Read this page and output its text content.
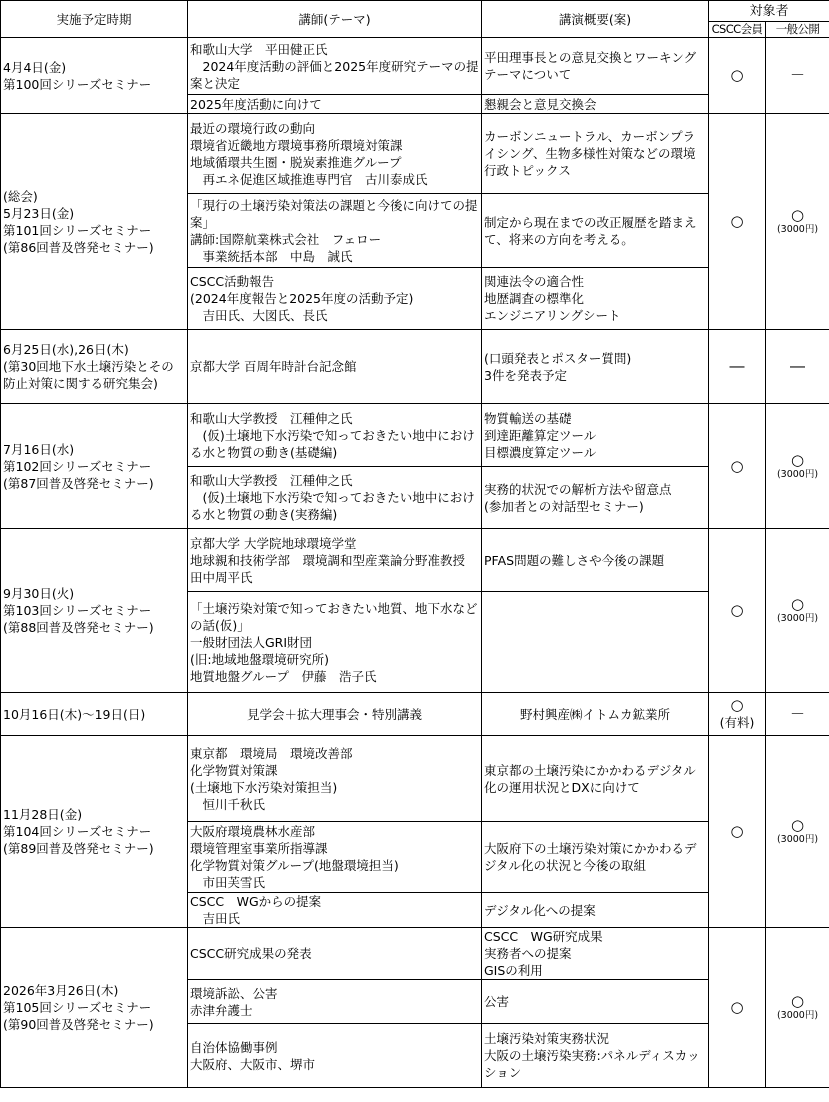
実施予定時期	講師(テーマ)	講演概要(案)	対象者	
			CSCC会員	一般公開

4月4日(金)
第100回シリーズセミナー	和歌山大学　平田健正氏
　2024年度活動の評価と2025年度研究テーマの提案と決定	平田理事長との意見交換とワーキングテーマについて	○	－

	2025年度活動に向けて	懇親会と意見交換会		

(総会)
5月23日(金)
第101回シリーズセミナー
(第86回普及啓発セミナー)	最近の環境行政の動向
環境省近畿地方環境事務所環境対策課
地域循環共生圏・脱炭素推進グループ
　再エネ促進区域推進専門官　古川泰成氏	カーボンニュートラル、カーボンプライシング、生物多様性対策などの環境行政トピックス	○	○
(3000円)

	「現行の土壌汚染対策法の課題と今後に向けての提案」
講師:国際航業株式会社　フェロー
　事業統括本部　中島　誠氏	制定から現在までの改正履歴を踏まえて、将来の方向を考える。		

	CSCC活動報告
(2024年度報告と2025年度の活動予定)
　吉田氏、大図氏、長氏	関連法令の適合性
地歴調査の標準化
エンジニアリングシート		

6月25日(水),26日(木)
(第30回地下水土壌汚染とその防止対策に関する研究集会)	京都大学 百周年時計台記念館	(口頭発表とポスター質問)
3件を発表予定	―	―

7月16日(水)
第102回シリーズセミナー
(第87回普及啓発セミナー)	和歌山大学教授　江種伸之氏
　(仮)土壌地下水汚染で知っておきたい地中における水と物質の動き(基礎編)	物質輸送の基礎
到達距離算定ツール
目標濃度算定ツール	○	○
(3000円)

	和歌山大学教授　江種伸之氏
　(仮)土壌地下水汚染で知っておきたい地中における水と物質の動き(実務編)	実務的状況での解析方法や留意点
(参加者との対話型セミナー)		

9月30日(火)
第103回シリーズセミナー
(第88回普及啓発セミナー)	京都大学 大学院地球環境学堂
地球親和技術学部　環境調和型産業論分野准教授　田中周平氏	PFAS問題の難しさや今後の課題	○	○
(3000円)

	「土壌汚染対策で知っておきたい地質、地下水などの話(仮)」
一般財団法人GRI財団
(旧:地域地盤環境研究所)
地質地盤グループ　伊藤　浩子氏			

10月16日(木)～19日(日)	見学会＋拡大理事会・特別講義	野村興産㈱イトムカ鉱業所	○
(有料)	－

11月28日(金)
第104回シリーズセミナー
(第89回普及啓発セミナー)	東京都　環境局　環境改善部
化学物質対策課
(土壌地下水汚染対策担当)
　恒川千秋氏	東京都の土壌汚染にかかわるデジタル化の運用状況とDXに向けて	○	○
(3000円)

	大阪府環境農林水産部
環境管理室事業所指導課
化学物質対策グループ(地盤環境担当)
　市田芙雪氏	大阪府下の土壌汚染対策にかかわるデジタル化の状況と今後の取組		

	CSCC　WGからの提案
　吉田氏	デジタル化への提案		

2026年3月26日(木)
第105回シリーズセミナー
(第90回普及啓発セミナー)	CSCC研究成果の発表	CSCC　WG研究成果
実務者への提案
GISの利用	○	○
(3000円)

	環境訴訟、公害
赤津弁護士	公害		

	自治体協働事例
大阪府、大阪市、堺市	土壌汚染対策実務状況
大阪の土壌汚染実務:パネルディスカッション		
